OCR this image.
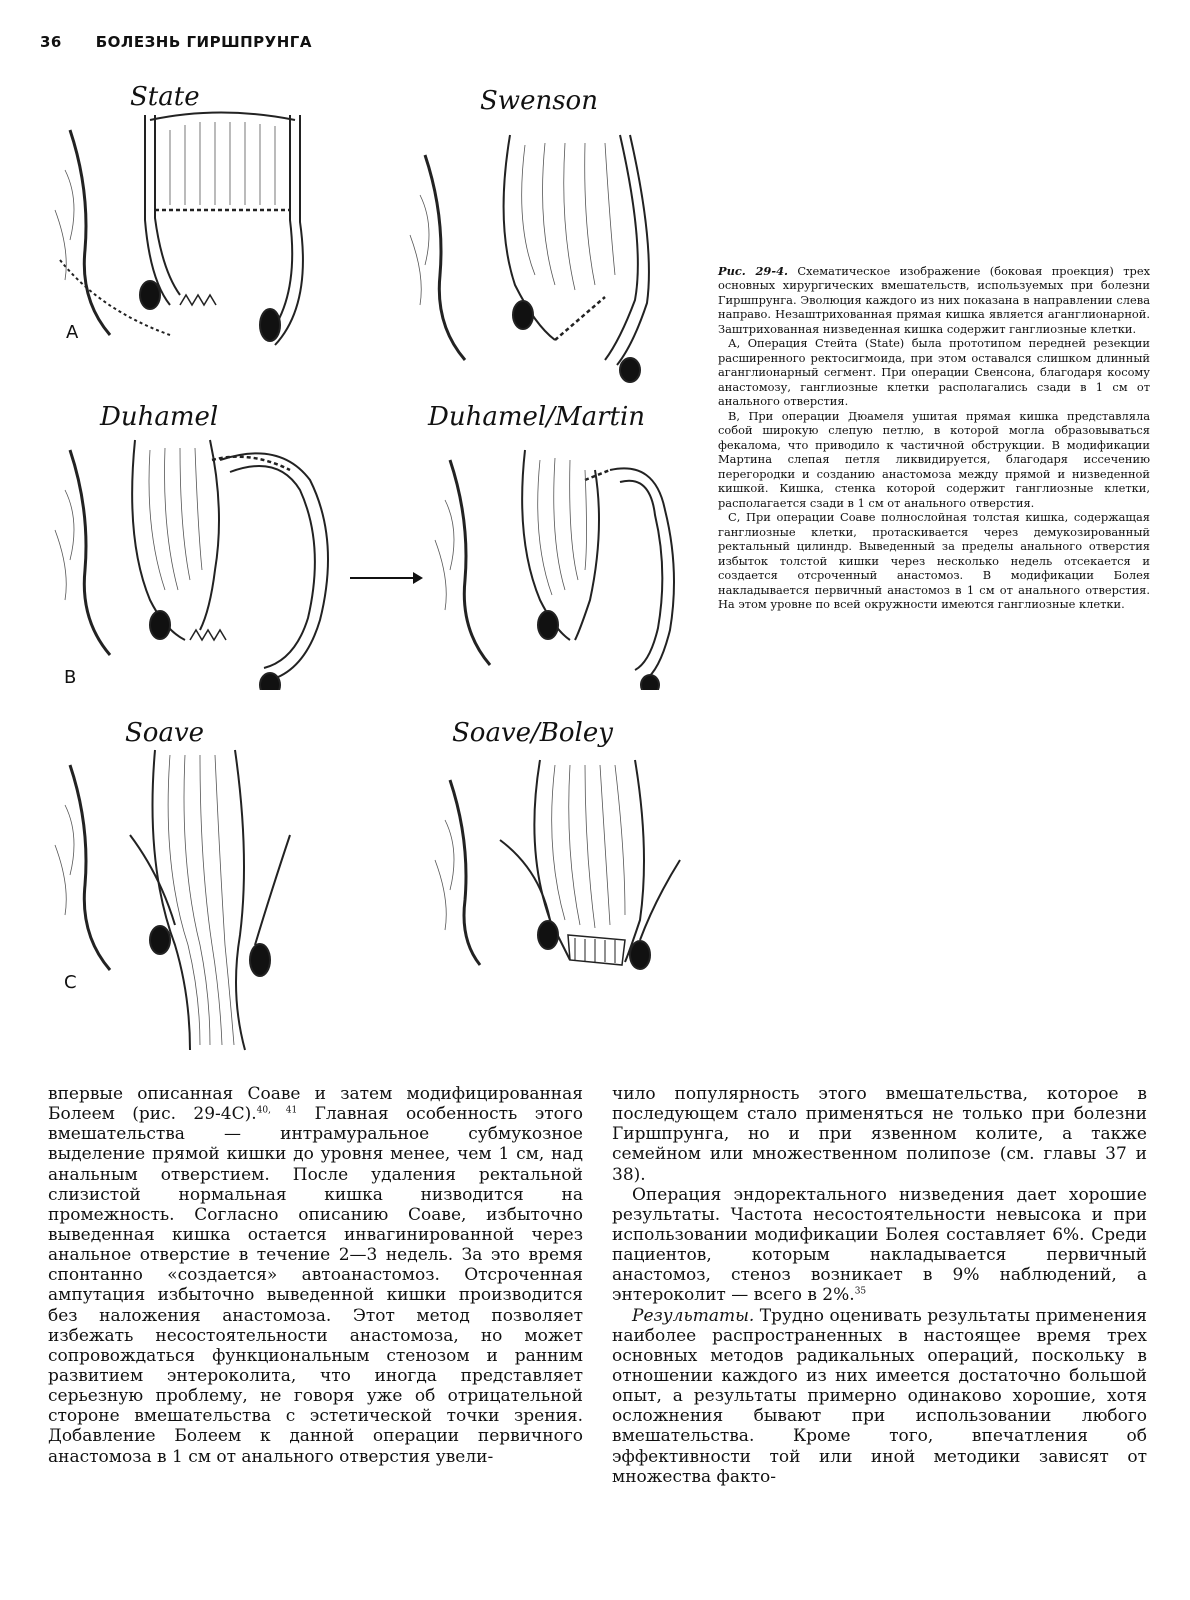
36 БОЛЕЗНЬ ГИРШПРУНГА
State	Swenson
Duhamel	Duhamel/Martin
Soave	Soave/Boley
A
B
C

Рис. 29-4. Схематическое изображение (боковая проекция) трех основных хирургических вмешательств, используемых при болезни Гиршпрунга. Эволюция каждого из них показана в направлении слева направо. Незаштрихованная прямая кишка является аганглионарной. Заштрихованная низведенная кишка содержит ганглиозные клетки.

А, Операция Стейта (State) была прототипом передней резекции расширенного ректосигмоида, при этом оставался слишком длинный аганглионарный сегмент. При операции Свенсона, благодаря косому анастомозу, ганглиозные клетки располагались сзади в 1 см от анального отверстия.

В, При операции Дюамеля ушитая прямая кишка представляла собой широкую слепую петлю, в которой могла образовываться фекалома, что приводило к частичной обструкции. В модификации Мартина слепая петля ликвидируется, благодаря иссечению перегородки и созданию анастомоза между прямой и низведенной кишкой. Кишка, стенка которой содержит ганглиозные клетки, располагается сзади в 1 см от анального отверстия.

С, При операции Соаве полнослойная толстая кишка, содержащая ганглиозные клетки, протаскивается через демукозированный ректальный цилиндр. Выведенный за пределы анального отверстия избыток толстой кишки через несколько недель отсекается и создается отсроченный анастомоз. В модификации Болея накладывается первичный анастомоз в 1 см от анального отверстия. На этом уровне по всей окружности имеются ганглиозные клетки.

впервые описанная Соаве и затем модифицированная Болеем (рис. 29-4С).$^{40, 41}$ Главная особенность этого вмешательства — интрамуральное субмукозное выделение прямой кишки до уровня менее, чем 1 см, над анальным отверстием. После удаления ректальной слизистой нормальная кишка низводится на промежность. Согласно описанию Соаве, избыточно выведенная кишка остается инвагинированной через анальное отверстие в течение 2—3 недель. За это время спонтанно «создается» автоанастомоз. Отсроченная ампутация избыточно выведенной кишки производится без наложения анастомоза. Этот метод позволяет избежать несостоятельности анастомоза, но может сопровождаться функциональным стенозом и ранним развитием энтероколита, что иногда представляет серьезную проблему, не говоря уже об отрицательной стороне вмешательства с эстетической точки зрения. Добавление Болеем к данной операции первичного анастомоза в 1 см от анального отверстия увели-

чило популярность этого вмешательства, которое в последующем стало применяться не только при болезни Гиршпрунга, но и при язвенном колите, а также семейном или множественном полипозе (см. главы 37 и 38).

Операция эндоректального низведения дает хорошие результаты. Частота несостоятельности невысока и при использовании модификации Болея составляет 6%. Среди пациентов, которым накладывается первичный анастомоз, стеноз возникает в 9% наблюдений, а энтероколит — всего в 2%.$^{35}$

Результаты. Трудно оценивать результаты применения наиболее распространенных в настоящее время трех основных методов радикальных операций, поскольку в отношении каждого из них имеется достаточно большой опыт, а результаты примерно одинаково хорошие, хотя осложнения бывают при использовании любого вмешательства. Кроме того, впечатления об эффективности той или иной методики зависят от множества факто-
